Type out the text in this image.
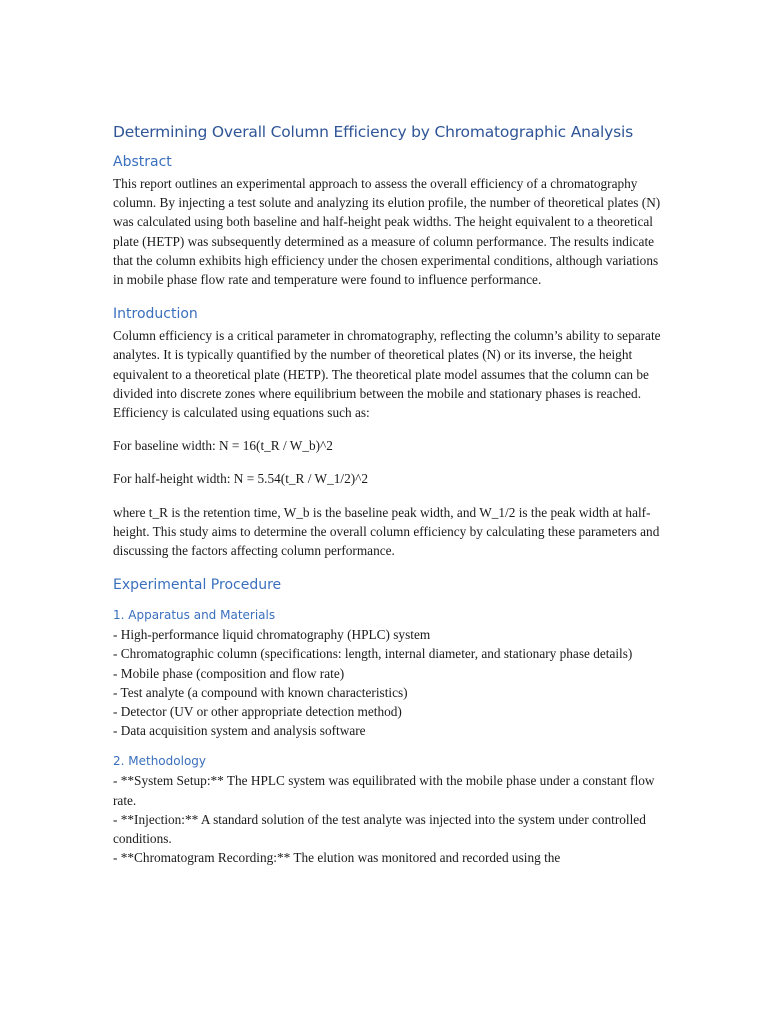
Determining Overall Column Efficiency by Chromatographic Analysis
Abstract

This report outlines an experimental approach to assess the overall efficiency of a chromatography column. By injecting a test solute and analyzing its elution profile, the number of theoretical plates (N) was calculated using both baseline and half-height peak widths. The height equivalent to a theoretical plate (HETP) was subsequently determined as a measure of column performance. The results indicate that the column exhibits high efficiency under the chosen experimental conditions, although variations in mobile phase flow rate and temperature were found to influence performance.

Introduction

Column efficiency is a critical parameter in chromatography, reflecting the column’s ability to separate analytes. It is typically quantified by the number of theoretical plates (N) or its inverse, the height equivalent to a theoretical plate (HETP). The theoretical plate model assumes that the column can be divided into discrete zones where equilibrium between the mobile and stationary phases is reached. Efficiency is calculated using equations such as:

For baseline width: N = 16(t_R / W_b)^2

For half-height width: N = 5.54(t_R / W_1/2)^2

where t_R is the retention time, W_b is the baseline peak width, and W_1/2 is the peak width at half-height. This study aims to determine the overall column efficiency by calculating these parameters and discussing the factors affecting column performance.

Experimental Procedure
1. Apparatus and Materials
- High-performance liquid chromatography (HPLC) system
- Chromatographic column (specifications: length, internal diameter, and stationary phase details)
- Mobile phase (composition and flow rate)
- Test analyte (a compound with known characteristics)
- Detector (UV or other appropriate detection method)
- Data acquisition system and analysis software
2. Methodology
- **System Setup:** The HPLC system was equilibrated with the mobile phase under a constant flow rate.
- **Injection:** A standard solution of the test analyte was injected into the system under controlled conditions.
- **Chromatogram Recording:** The elution was monitored and recorded using the
